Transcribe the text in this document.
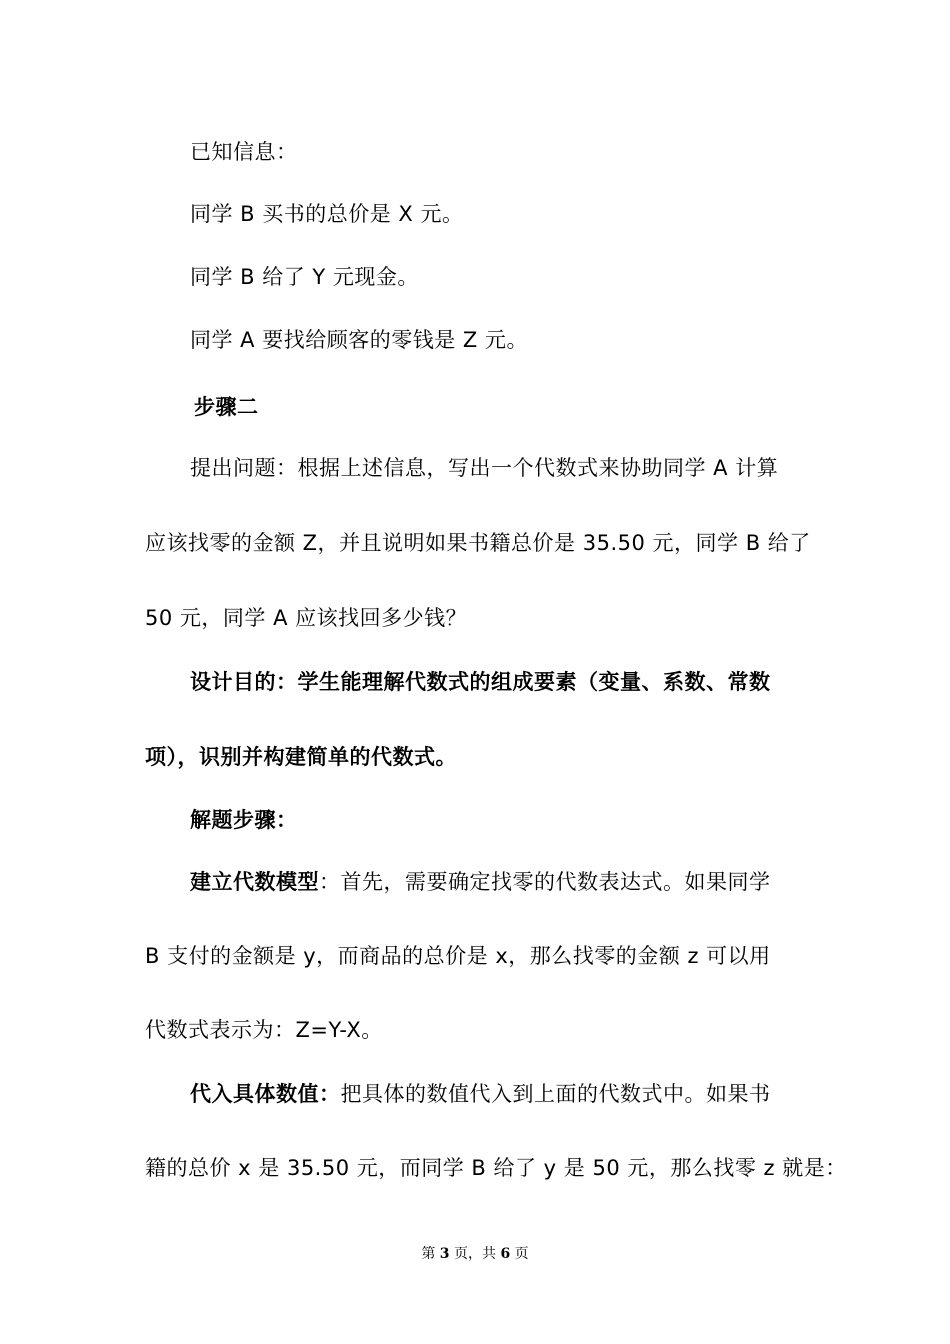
已知信息：
同学 B 买书的总价是 X 元。
同学 B 给了 Y 元现金。
同学 A 要找给顾客的零钱是 Z 元。
步骤二
提出问题：根据上述信息，写出一个代数式来协助同学 A 计算
应该找零的金额 Z，并且说明如果书籍总价是 35.50 元，同学 B 给了
50 元，同学 A 应该找回多少钱？
设计目的：学生能理解代数式的组成要素（变量、系数、常数
项），识别并构建简单的代数式。
解题步骤：
建立代数模型：首先，需要确定找零的代数表达式。如果同学
B 支付的金额是 y，而商品的总价是 x，那么找零的金额 z 可以用
代数式表示为：Z=Y-X。
代入具体数值：把具体的数值代入到上面的代数式中。如果书
籍的总价 x 是 35.50 元，而同学 B 给了 y 是 50 元，那么找零 z 就是：
第 3 页，共 6 页
